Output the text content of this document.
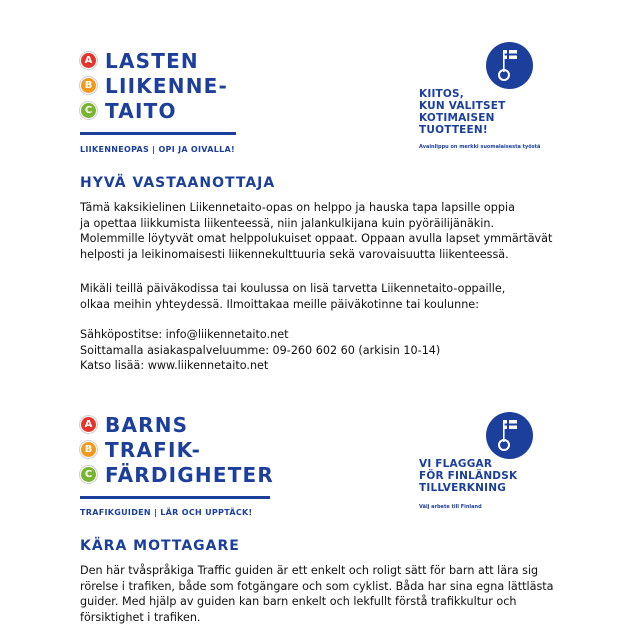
A LASTEN
B LIIKENNE-
C TAITO
LIIKENNEOPAS | OPI JA OIVALLA!
KIITOS,
KUN VALITSET
KOTIMAISEN
TUOTTEEN!
Avainlippu on merkki suomalaisesta työstä
HYVÄ VASTAANOTTAJA

Tämä kaksikielinen Liikennetaito-opas on helppo ja hauska tapa lapsille oppia
ja opettaa liikkumista liikenteessä, niin jalankulkijana kuin pyöräilijänäkin.
Molemmille löytyvät omat helppolukuiset oppaat. Oppaan avulla lapset ymmärtävät
helposti ja leikinomaisesti liikennekulttuuria sekä varovaisuutta liikenteessä.

Mikäli teillä päiväkodissa tai koulussa on lisä tarvetta Liikennetaito-oppaille,
olkaa meihin yhteydessä. Ilmoittakaa meille päiväkotinne tai koulunne:

Sähköpostitse: info@liikennetaito.net
Soittamalla asiakaspalveluumme: 09-260 602 60 (arkisin 10-14)
Katso lisää: www.liikennetaito.net

A BARNS
B TRAFIK-
C FÄRDIGHETER
TRAFIKGUIDEN | LÄR OCH UPPTÄCK!
VI FLAGGAR
FÖR FINLÄNDSK
TILLVERKNING
Välj arbete till Finland
KÄRA MOTTAGARE

Den här tvåspråkiga Traffic guiden är ett enkelt och roligt sätt för barn att lära sig
rörelse i trafiken, både som fotgängare och som cyklist. Båda har sina egna lättlästa
guider. Med hjälp av guiden kan barn enkelt och lekfullt förstå trafikkultur och
försiktighet i trafiken.
